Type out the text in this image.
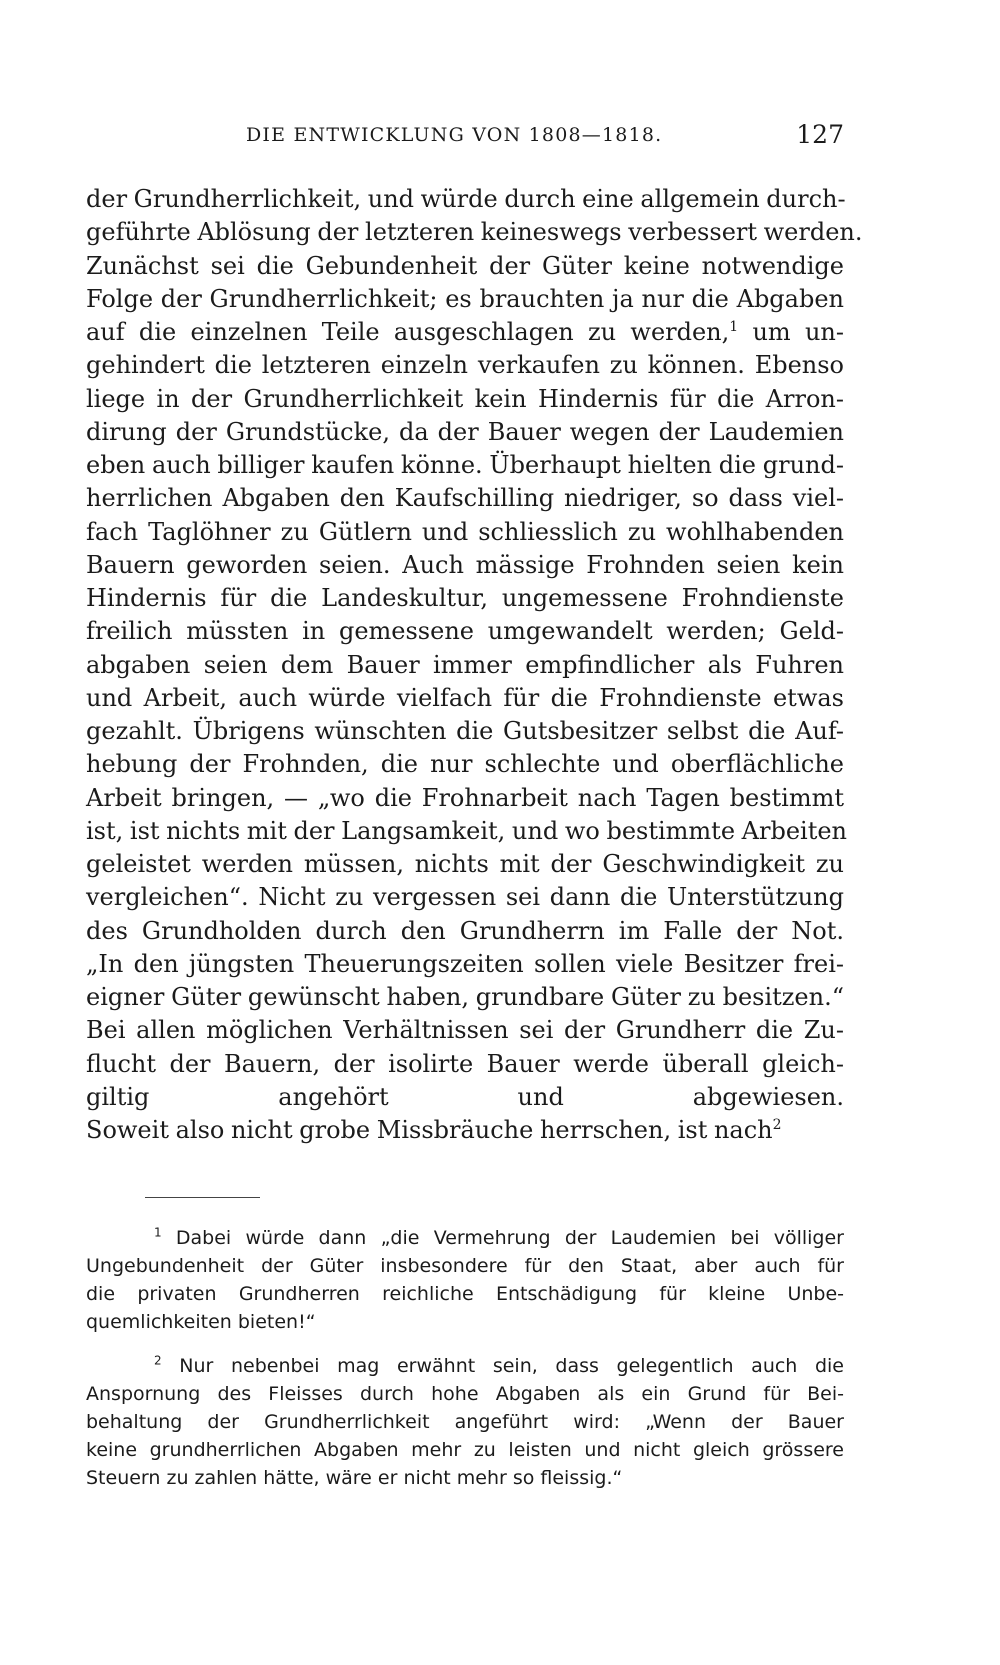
DIE ENTWICKLUNG VON 1808—1818.	127
der Grundherrlichkeit, und würde durch eine allgemein durch-
geführte Ablösung der letzteren keineswegs verbessert werden.
Zunächst sei die Gebundenheit der Güter keine notwendige
Folge der Grundherrlichkeit; es brauchten ja nur die Abgaben
auf die einzelnen Teile ausgeschlagen zu werden,$^1$ um un-
gehindert die letzteren einzeln verkaufen zu können. Ebenso
liege in der Grundherrlichkeit kein Hindernis für die Arron-
dirung der Grundstücke, da der Bauer wegen der Laudemien
eben auch billiger kaufen könne. Überhaupt hielten die grund-
herrlichen Abgaben den Kaufschilling niedriger, so dass viel-
fach Taglöhner zu Gütlern und schliesslich zu wohlhabenden
Bauern geworden seien. Auch mässige Frohnden seien kein
Hindernis für die Landeskultur, ungemessene Frohndienste
freilich müssten in gemessene umgewandelt werden; Geld-
abgaben seien dem Bauer immer empfindlicher als Fuhren
und Arbeit, auch würde vielfach für die Frohndienste etwas
gezahlt. Übrigens wünschten die Gutsbesitzer selbst die Auf-
hebung der Frohnden, die nur schlechte und oberflächliche
Arbeit bringen, — „wo die Frohnarbeit nach Tagen bestimmt
ist, ist nichts mit der Langsamkeit, und wo bestimmte Arbeiten
geleistet werden müssen, nichts mit der Geschwindigkeit zu
vergleichen“. Nicht zu vergessen sei dann die Unterstützung
des Grundholden durch den Grundherrn im Falle der Not.
„In den jüngsten Theuerungszeiten sollen viele Besitzer frei-
eigner Güter gewünscht haben, grundbare Güter zu besitzen.“
Bei allen möglichen Verhältnissen sei der Grundherr die Zu-
flucht der Bauern, der isolirte Bauer werde überall gleich-
giltig angehört und abgewiesen.
Soweit also nicht grobe Missbräuche herrschen, ist nach$^2$
$^1$ Dabei würde dann „die Vermehrung der Laudemien bei völliger
Ungebundenheit der Güter insbesondere für den Staat, aber auch für
die privaten Grundherren reichliche Entschädigung für kleine Unbe-
quemlichkeiten bieten!“
$^2$ Nur nebenbei mag erwähnt sein, dass gelegentlich auch die
Anspornung des Fleisses durch hohe Abgaben als ein Grund für Bei-
behaltung der Grundherrlichkeit angeführt wird: „Wenn der Bauer
keine grundherrlichen Abgaben mehr zu leisten und nicht gleich grössere
Steuern zu zahlen hätte, wäre er nicht mehr so fleissig.“
